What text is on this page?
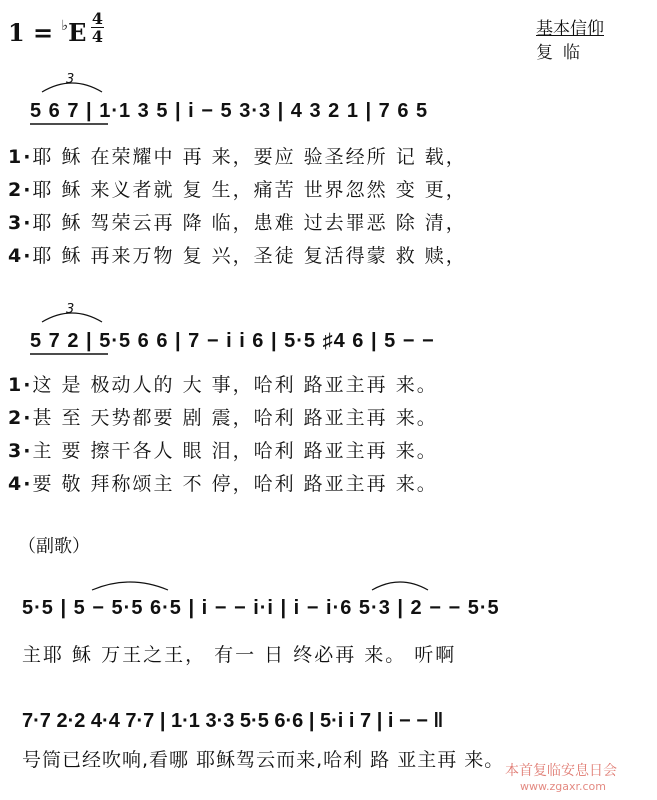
1 = ♭E 4
4	基本信仰
复临
5 6 7 | 1·1 3 5 | i − 5 3·3 | 4 3 2 1 | 7 6 5
3
1·耶 稣 在荣耀中 再 来，要应 验圣经所 记 载，
2·耶 稣 来义者就 复 生，痛苦 世界忽然 变 更，
3·耶 稣 驾荣云再 降 临，患难 过去罪恶 除 清，
4·耶 稣 再来万物 复 兴，圣徒 复活得蒙 救 赎，
5 7 2 | 5·5 6 6 | 7 − i i 6 | 5·5 ♯4 6 | 5 − −
3
1·这 是 极动人的 大 事，哈利 路亚主再 来。
2·甚 至 天势都要 剧 震，哈利 路亚主再 来。
3·主 要 擦干各人 眼 泪，哈利 路亚主再 来。
4·要 敬 拜称颂主 不 停，哈利 路亚主再 来。
（副歌）
5·5 | 5 − 5·5 6·5 | i − − i·i | i − i·6 5·3 | 2 − − 5·5
主耶 稣 万王之王， 有一 日 终必再 来。 听啊
7·7 2·2 4·4 7·7 | 1·1 3·3 5·5 6·6 | 5·i i 7 | i − − ‖
号筒已经吹响,看哪 耶稣驾云而来,哈利 路 亚主再 来。 本首复临安息日会
www.zgaxr.com
